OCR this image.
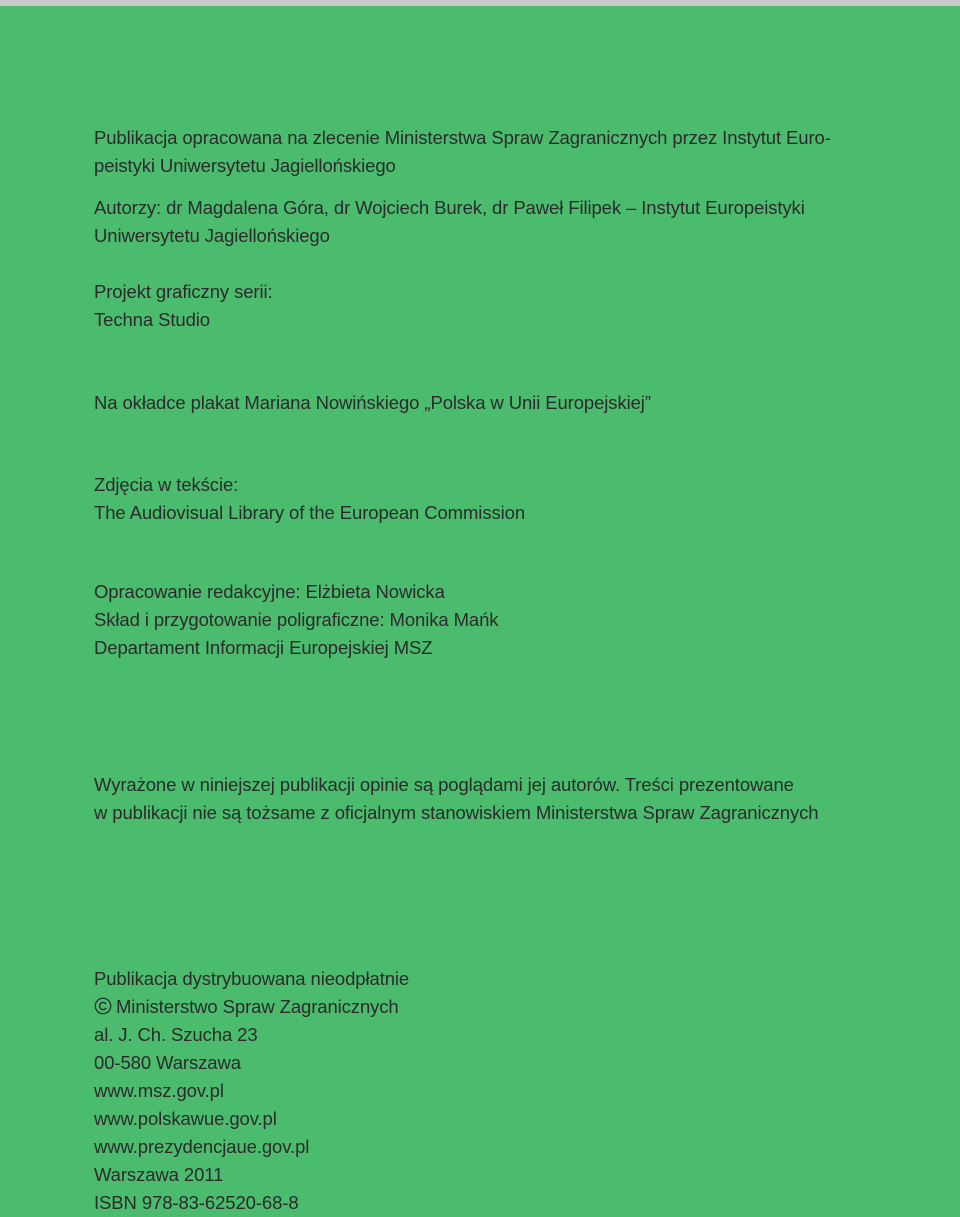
Publikacja opracowana na zlecenie Ministerstwa Spraw Zagranicznych przez Instytut Euro-
peistyki Uniwersytetu Jagiellońskiego
Autorzy: dr Magdalena Góra, dr Wojciech Burek, dr Paweł Filipek – Instytut Europeistyki
Uniwersytetu Jagiellońskiego
Projekt graficzny serii:
Techna Studio
Na okładce plakat Mariana Nowińskiego „Polska w Unii Europejskiej”
Zdjęcia w tekście:
The Audiovisual Library of the European Commission
Opracowanie redakcyjne: Elżbieta Nowicka
Skład i przygotowanie poligraficzne: Monika Mańk
Departament Informacji Europejskiej MSZ
Wyrażone w niniejszej publikacji opinie są poglądami jej autorów. Treści prezentowane
w publikacji nie są tożsame z oficjalnym stanowiskiem Ministerstwa Spraw Zagranicznych
Publikacja dystrybuowana nieodpłatnie
Ministerstwo Spraw Zagranicznych
al. J. Ch. Szucha 23
00-580 Warszawa
www.msz.gov.pl
www.polskawue.gov.pl
www.prezydencjaue.gov.pl
Warszawa 2011
ISBN 978-83-62520-68-8
